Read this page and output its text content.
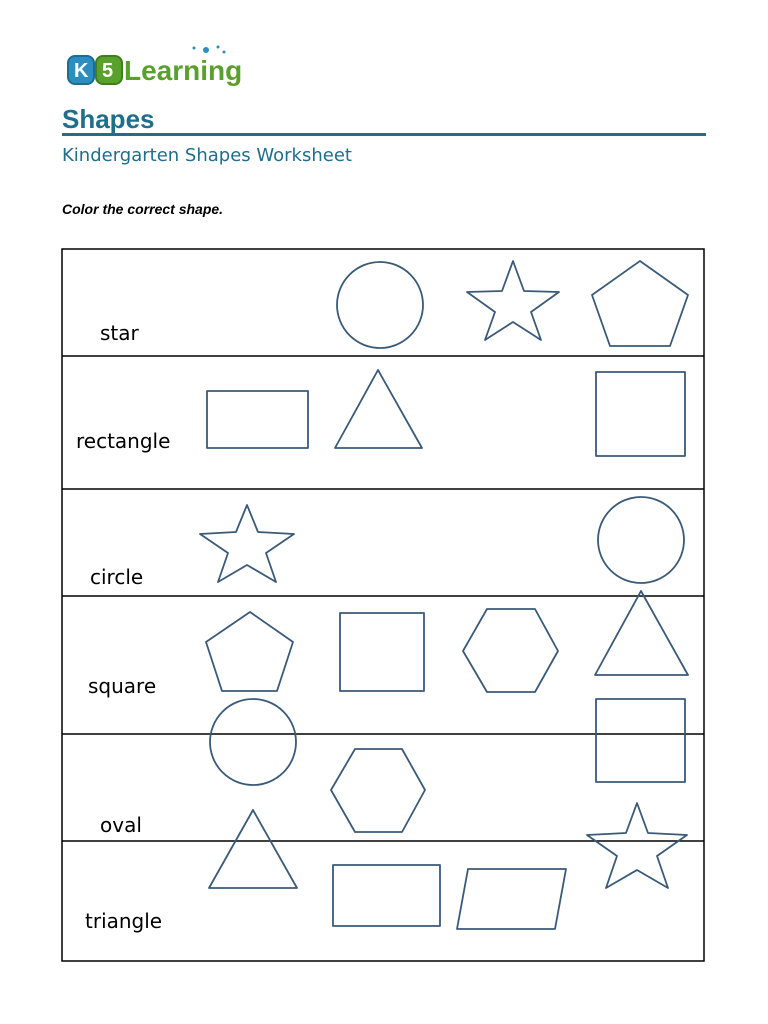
K 5 Learning
Shapes

Kindergarten Shapes Worksheet

Color the correct shape.

star
rectangle
circle
square
oval
triangle
